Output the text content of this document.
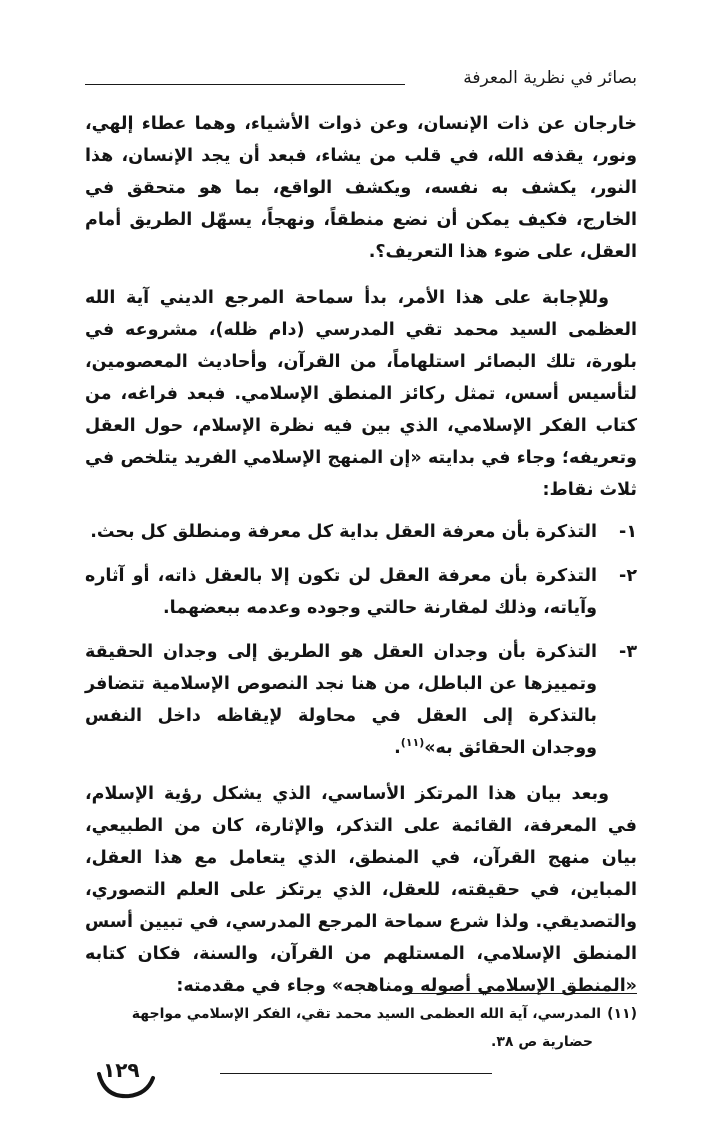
بصائر في نظرية المعرفة

خارجان عن ذات الإنسان، وعن ذوات الأشياء، وهما عطاء إلهي، ونور، يقذفه الله، في قلب من يشاء، فبعد أن يجد الإنسان، هذا النور، يكشف به نفسه، ويكشف الواقع، بما هو متحقق في الخارج، فكيف يمكن أن نضع منطقاً، ونهجاً، يسهّل الطريق أمام العقل، على ضوء هذا التعريف؟.

وللإجابة على هذا الأمر، بدأ سماحة المرجع الديني آية الله العظمى السيد محمد تقي المدرسي (دام ظله)، مشروعه في بلورة، تلك البصائر استلهاماً، من القرآن، وأحاديث المعصومين، لتأسيس أسس، تمثل ركائز المنطق الإسلامي. فبعد فراغه، من كتاب الفكر الإسلامي، الذي بين فيه نظرة الإسلام، حول العقل وتعريفه؛ وجاء في بدايته «إن المنهج الإسلامي الفريد يتلخص في ثلاث نقاط:

١-
التذكرة بأن معرفة العقل بداية كل معرفة ومنطلق كل بحث.
٢-
التذكرة بأن معرفة العقل لن تكون إلا بالعقل ذاته، أو آثاره وآياته، وذلك لمقارنة حالتي وجوده وعدمه ببعضهما.
٣-
التذكرة بأن وجدان العقل هو الطريق إلى وجدان الحقيقة وتمييزها عن الباطل، من هنا نجد النصوص الإسلامية تتضافر بالتذكرة إلى العقل في محاولة لإيقاظه داخل النفس ووجدان الحقائق به»$^{(١١)}$.

وبعد بيان هذا المرتكز الأساسي، الذي يشكل رؤية الإسلام، في المعرفة، القائمة على التذكر، والإثارة، كان من الطبيعي، بيان منهج القرآن، في المنطق، الذي يتعامل مع هذا العقل، المباين، في حقيقته، للعقل، الذي يرتكز على العلم التصوري، والتصديقي. ولذا شرع سماحة المرجع المدرسي، في تبيين أسس المنطق الإسلامي، المستلهم من القرآن، والسنة، فكان كتابه «المنطق الإسلامي أصوله ومناهجه» وجاء في مقدمته:

(١١)المدرسي، آية الله العظمى السيد محمد تقي، الفكر الإسلامي مواجهة
حضارية ص ٣٨.
١٢٩
